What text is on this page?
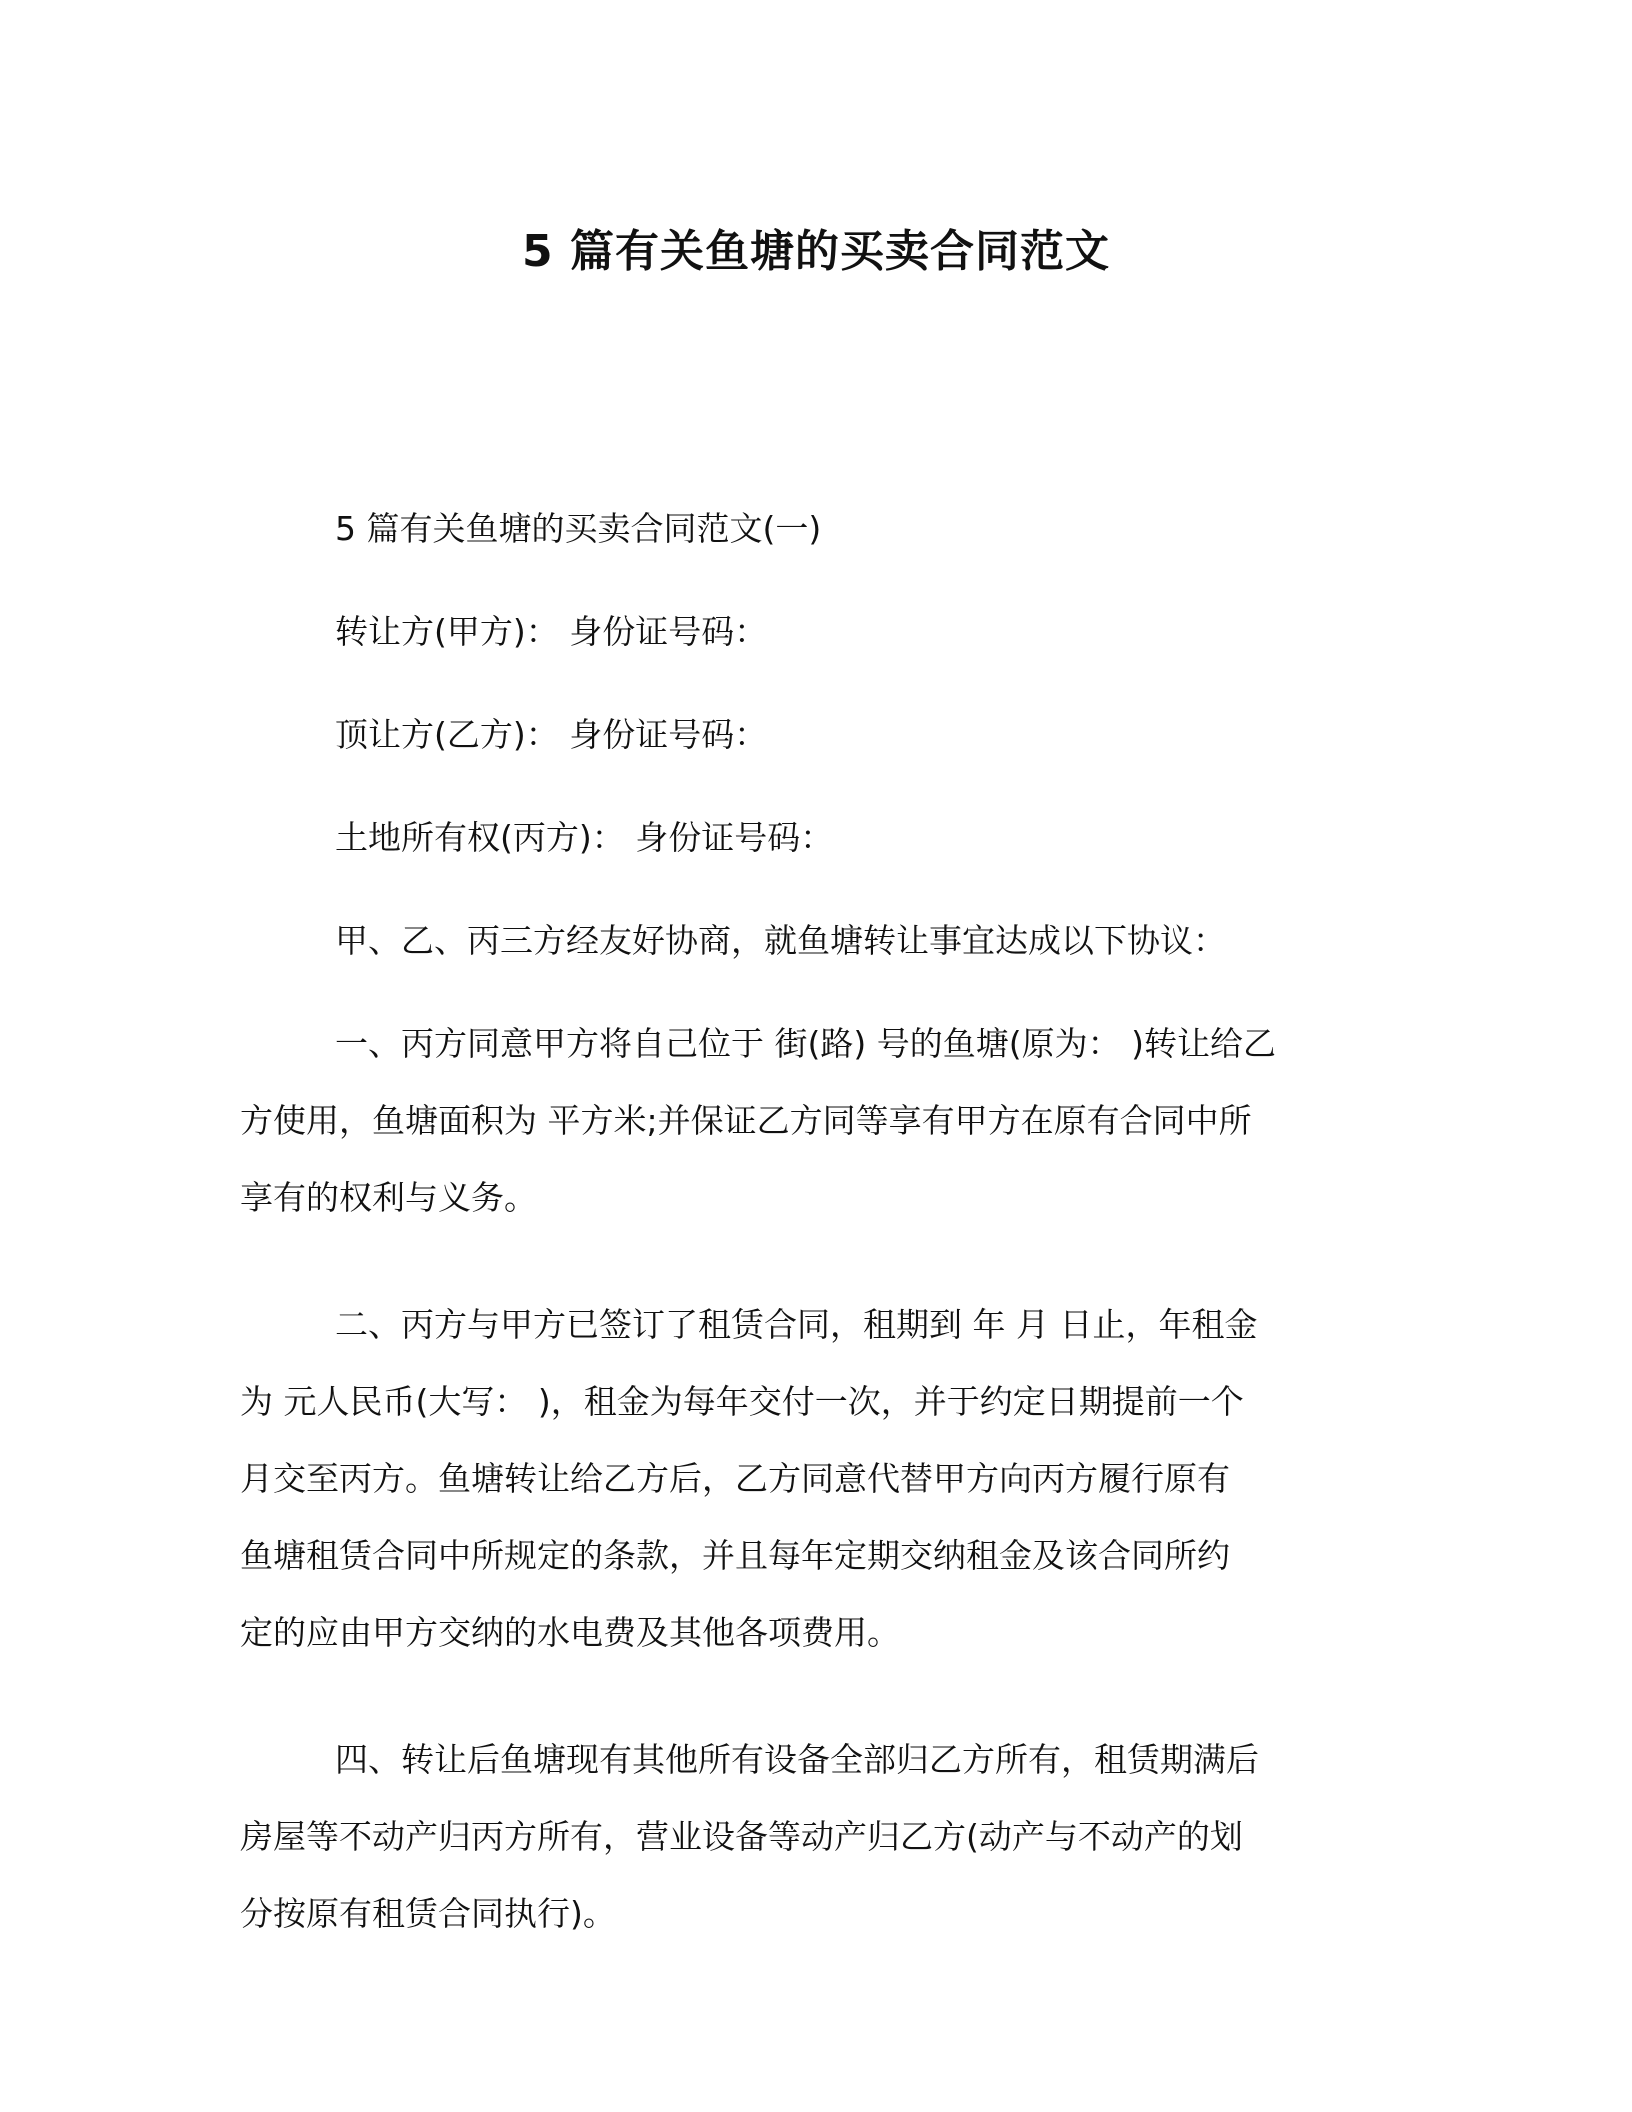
5 篇有关鱼塘的买卖合同范文

5 篇有关鱼塘的买卖合同范文(一)

转让方(甲方)： 身份证号码：

顶让方(乙方)： 身份证号码：

土地所有权(丙方)： 身份证号码：

甲、乙、丙三方经友好协商，就鱼塘转让事宜达成以下协议：

一、丙方同意甲方将自己位于 街(路) 号的鱼塘(原为： )转让给乙

方使用，鱼塘面积为 平方米;并保证乙方同等享有甲方在原有合同中所

享有的权利与义务。

二、丙方与甲方已签订了租赁合同，租期到 年 月 日止，年租金

为 元人民币(大写： )，租金为每年交付一次，并于约定日期提前一个

月交至丙方。鱼塘转让给乙方后，乙方同意代替甲方向丙方履行原有

鱼塘租赁合同中所规定的条款，并且每年定期交纳租金及该合同所约

定的应由甲方交纳的水电费及其他各项费用。

四、转让后鱼塘现有其他所有设备全部归乙方所有，租赁期满后

房屋等不动产归丙方所有，营业设备等动产归乙方(动产与不动产的划

分按原有租赁合同执行)。
